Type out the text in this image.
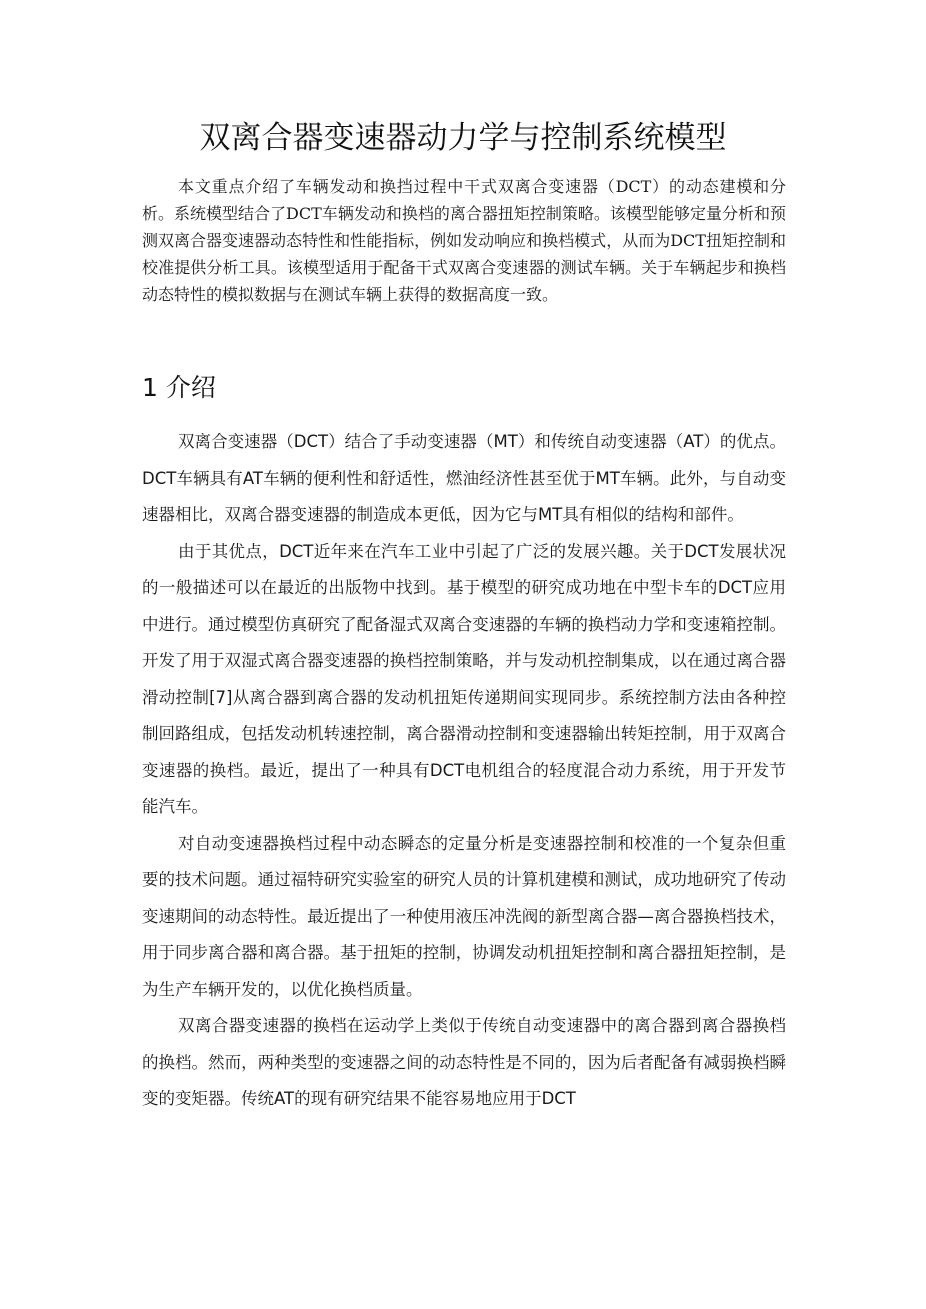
双离合器变速器动力学与控制系统模型

本文重点介绍了车辆发动和换挡过程中干式双离合变速器（DCT）的动态建模和分析。系统模型结合了DCT车辆发动和换档的离合器扭矩控制策略。该模型能够定量分析和预测双离合器变速器动态特性和性能指标，例如发动响应和换档模式，从而为DCT扭矩控制和校准提供分析工具。该模型适用于配备干式双离合变速器的测试车辆。关于车辆起步和换档动态特性的模拟数据与在测试车辆上获得的数据高度一致。

1 介绍

双离合变速器（DCT）结合了手动变速器（MT）和传统自动变速器（AT）的优点。DCT车辆具有AT车辆的便利性和舒适性，燃油经济性甚至优于MT车辆。此外，与自动变速器相比，双离合器变速器的制造成本更低，因为它与MT具有相似的结构和部件。

由于其优点，DCT近年来在汽车工业中引起了广泛的发展兴趣。关于DCT发展状况的一般描述可以在最近的出版物中找到。基于模型的研究成功地在中型卡车的DCT应用中进行。通过模型仿真研究了配备湿式双离合变速器的车辆的换档动力学和变速箱控制。开发了用于双湿式离合器变速器的换档控制策略，并与发动机控制集成，以在通过离合器滑动控制[7]从离合器到离合器的发动机扭矩传递期间实现同步。系统控制方法由各种控制回路组成，包括发动机转速控制，离合器滑动控制和变速器输出转矩控制，用于双离合变速器的换档。最近，提出了一种具有DCT电机组合的轻度混合动力系统，用于开发节能汽车。

对自动变速器换档过程中动态瞬态的定量分析是变速器控制和校准的一个复杂但重要的技术问题。通过福特研究实验室的研究人员的计算机建模和测试，成功地研究了传动变速期间的动态特性。最近提出了一种使用液压冲洗阀的新型离合器—离合器换档技术，用于同步离合器和离合器。基于扭矩的控制，协调发动机扭矩控制和离合器扭矩控制，是为生产车辆开发的，以优化换档质量。

双离合器变速器的换档在运动学上类似于传统自动变速器中的离合器到离合器换档的换档。然而，两种类型的变速器之间的动态特性是不同的，因为后者配备有减弱换档瞬变的变矩器。传统AT的现有研究结果不能容易地应用于DCT
